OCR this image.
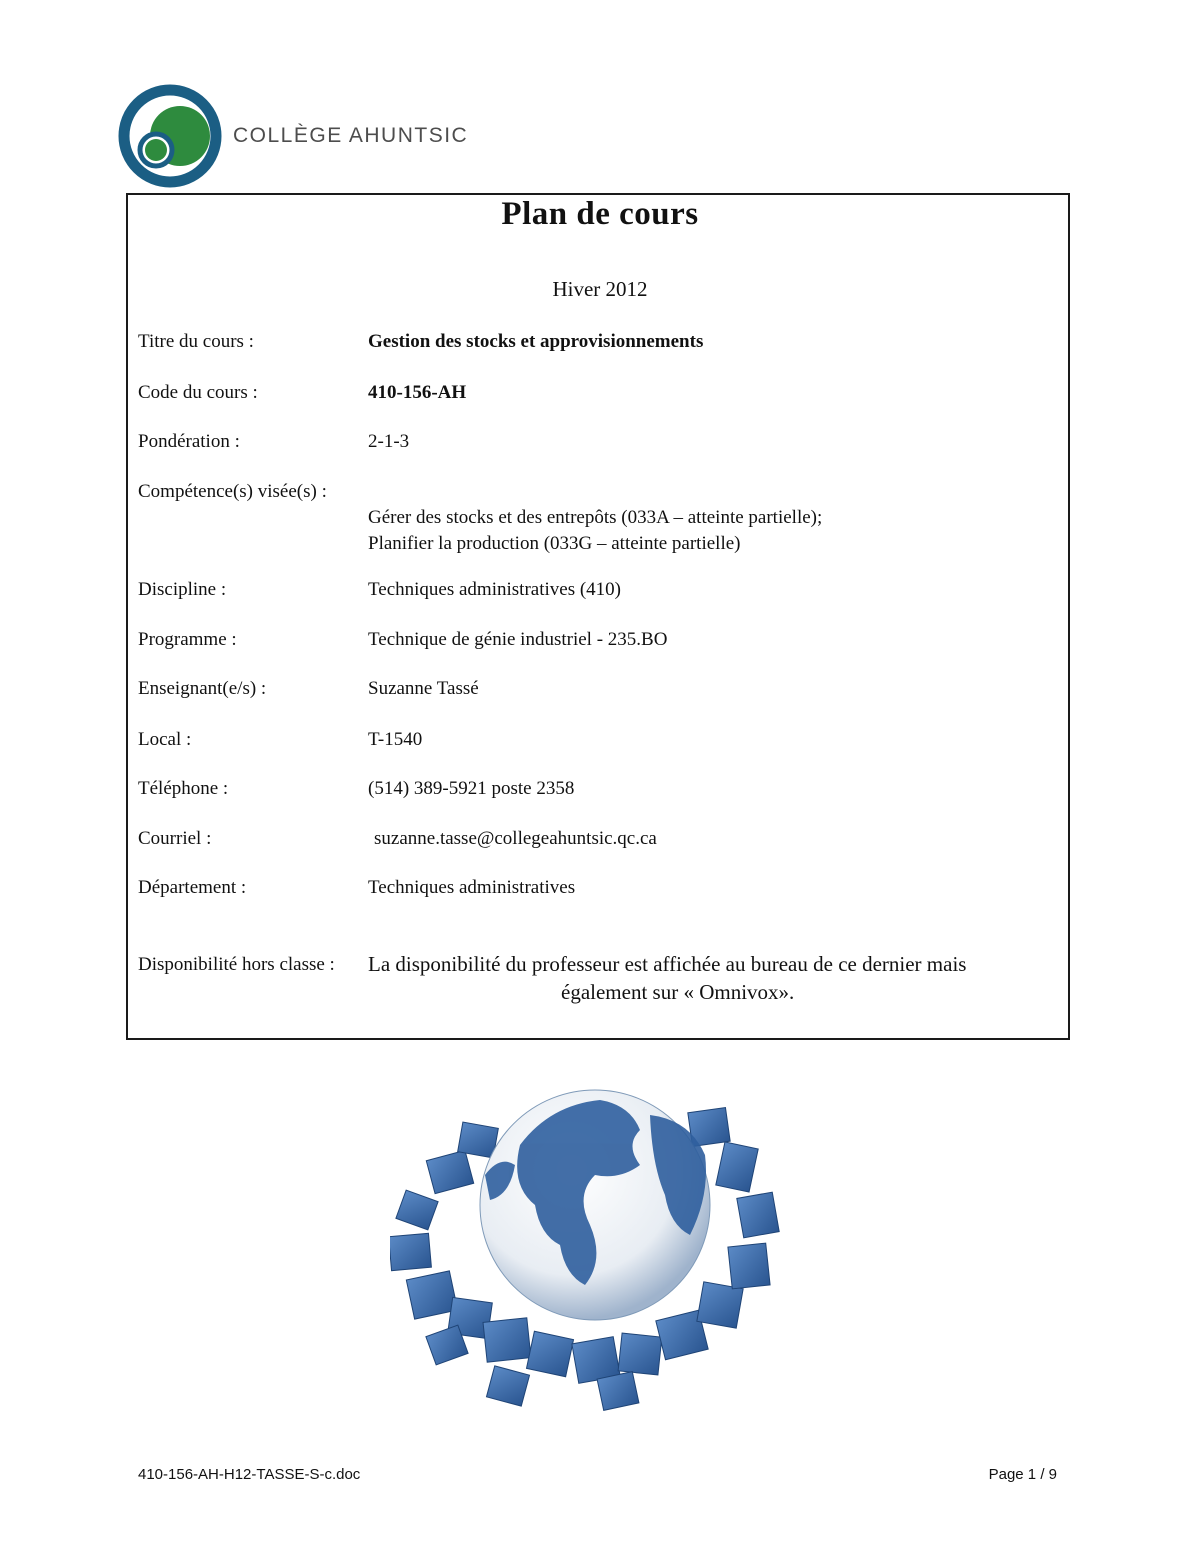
COLLÈGE AHUNTSIC
Plan de cours
Hiver 2012
Titre du cours :	Gestion des stocks et approvisionnements
Code du cours :	410-156-AH
Pondération :	2-1-3
Compétence(s) visée(s) :
Gérer des stocks et des entrepôts (033A – atteinte partielle);
Planifier la production (033G – atteinte partielle)
Discipline :	Techniques administratives (410)
Programme :	Technique de génie industriel - 235.BO
Enseignant(e/s) :	Suzanne Tassé
Local :	T-1540
Téléphone :	(514) 389-5921 poste 2358
Courriel :	suzanne.tasse@collegeahuntsic.qc.ca
Département :	Techniques administratives
Disponibilité hors classe : La disponibilité du professeur est affichée au bureau de ce dernier mais
également sur « Omnivox».
410-156-AH-H12-TASSE-S-c.doc	Page 1 / 9
